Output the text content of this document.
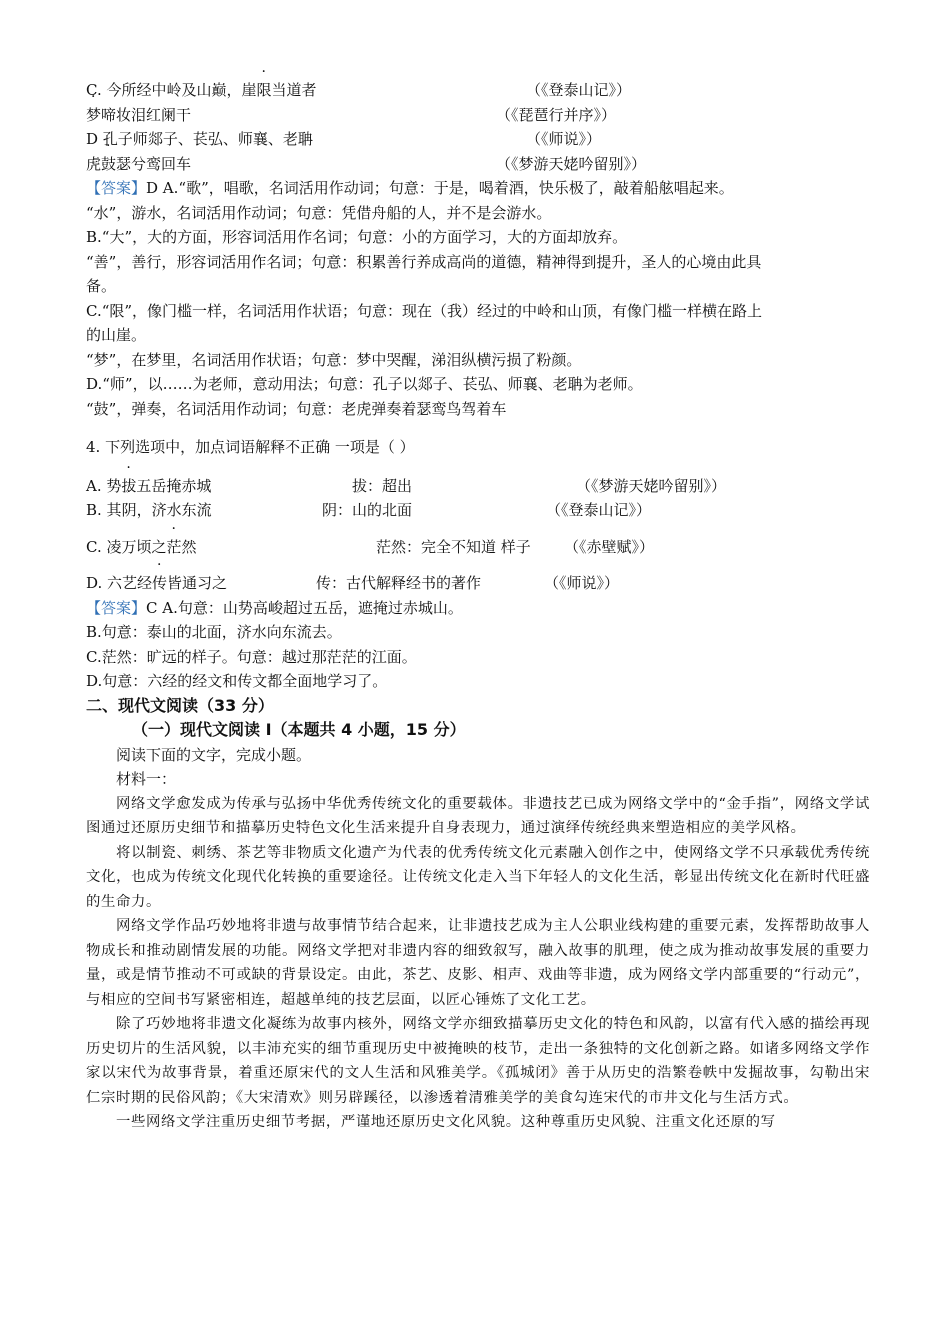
C. 今所经中岭及山巅，崖限当道者	（《登泰山记》）
梦啼妆泪红阑干	（《琵琶行并序》）
D 孔子师郯子、苌弘、师襄、老聃	（《师说》）
虎鼓瑟兮鸾回车	（《梦游天姥吟留别》）
【答案】D A.“歌”，唱歌，名词活用作动词；句意：于是，喝着酒，快乐极了，敲着船舷唱起来。
“水”，游水，名词活用作动词；句意：凭借舟船的人，并不是会游水。
B.“大”，大的方面，形容词活用作名词；句意：小的方面学习，大的方面却放弃。
“善”，善行，形容词活用作名词；句意：积累善行养成高尚的道德，精神得到提升，圣人的心境由此具
备。
C.“限”，像门槛一样，名词活用作状语；句意：现在（我）经过的中岭和山顶，有像门槛一样横在路上
的山崖。
“梦”，在梦里，名词活用作状语；句意：梦中哭醒，涕泪纵横污损了粉颜。
D.“师”，以……为老师，意动用法；句意：孔子以郯子、苌弘、师襄、老聃为老师。
“鼓”，弹奏，名词活用作动词；句意：老虎弹奏着瑟鸾鸟驾着车
4. 下列选项中，加点词语解释不正确 一项是（ ）
A. 势拔五岳掩赤城	拔：超出	（《梦游天姥吟留别》）
B. 其阴，济水东流	阴：山的北面	（《登泰山记》）
C. 凌万顷之茫然	茫然：完全不知道 样子 （《赤壁赋》）
D. 六艺经传皆通习之	传：古代解释经书的著作	（《师说》）
【答案】C A.句意：山势高峻超过五岳，遮掩过赤城山。
B.句意：泰山的北面，济水向东流去。
C.茫然：旷远的样子。句意：越过那茫茫的江面。
D.句意：六经的经文和传文都全面地学习了。
二、现代文阅读（33 分）
（一）现代文阅读 I（本题共 4 小题，15 分）
阅读下面的文字，完成小题。
材料一：
网络文学愈发成为传承与弘扬中华优秀传统文化的重要载体。非遗技艺已成为网络文学中的“金手指”，网络文学试图通过还原历史细节和描摹历史特色文化生活来提升自身表现力，通过演绎传统经典来塑造相应的美学风格。
将以制瓷、刺绣、茶艺等非物质文化遗产为代表的优秀传统文化元素融入创作之中，使网络文学不只承载优秀传统文化，也成为传统文化现代化转换的重要途径。让传统文化走入当下年轻人的文化生活，彰显出传统文化在新时代旺盛的生命力。
网络文学作品巧妙地将非遗与故事情节结合起来，让非遗技艺成为主人公职业线构建的重要元素，发挥帮助故事人物成长和推动剧情发展的功能。网络文学把对非遗内容的细致叙写，融入故事的肌理，使之成为推动故事发展的重要力量，或是情节推动不可或缺的背景设定。由此，茶艺、皮影、相声、戏曲等非遗，成为网络文学内部重要的“行动元”，与相应的空间书写紧密相连，超越单纯的技艺层面，以匠心锤炼了文化工艺。
除了巧妙地将非遗文化凝练为故事内核外，网络文学亦细致描摹历史文化的特色和风韵，以富有代入感的描绘再现历史切片的生活风貌，以丰沛充实的细节重现历史中被掩映的枝节，走出一条独特的文化创新之路。如诸多网络文学作家以宋代为故事背景，着重还原宋代的文人生活和风雅美学。《孤城闭》善于从历史的浩繁卷帙中发掘故事，勾勒出宋仁宗时期的民俗风韵；《大宋清欢》则另辟蹊径，以渗透着清雅美学的美食勾连宋代的市井文化与生活方式。
一些网络文学注重历史细节考据，严谨地还原历史文化风貌。这种尊重历史风貌、注重文化还原的写
